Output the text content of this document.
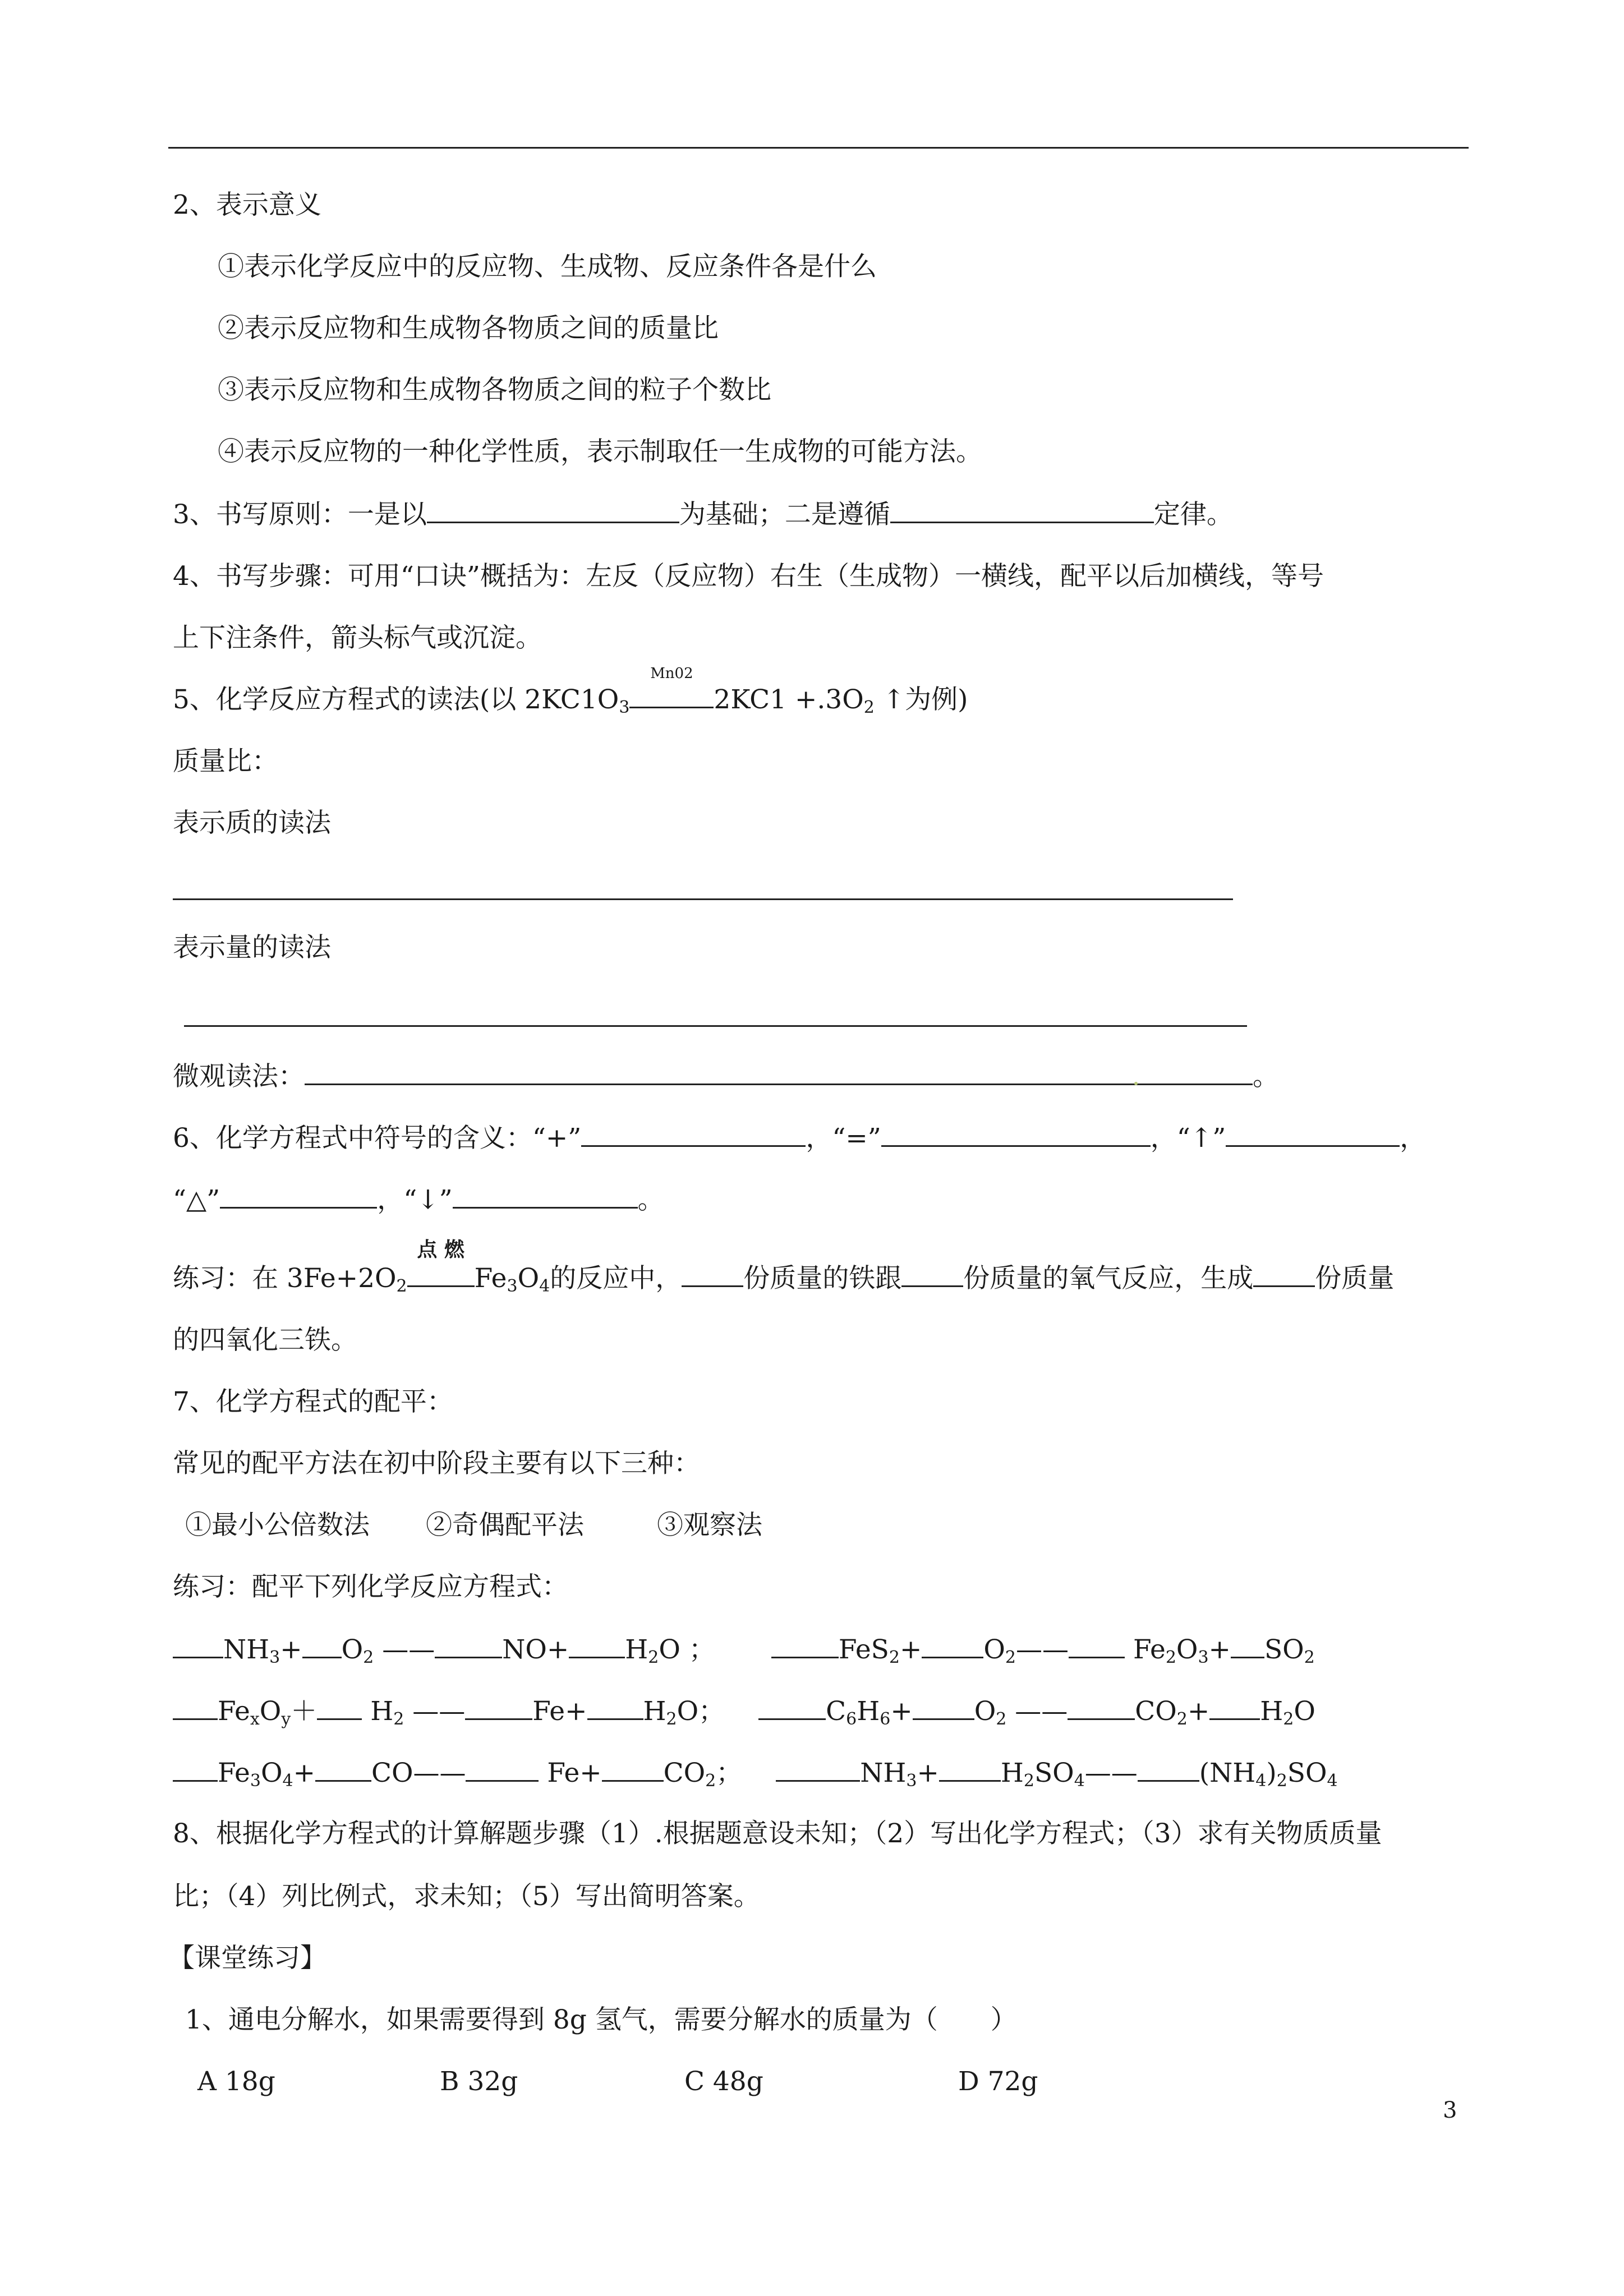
2、表示意义
①表示化学反应中的反应物、生成物、反应条件各是什么
②表示反应物和生成物各物质之间的质量比
③表示反应物和生成物各物质之间的粒子个数比
④表示反应物的一种化学性质，表示制取任一生成物的可能方法。
3、书写原则：一是以	为基础；二是遵循	定律。
4、书写步骤：可用“口诀”概括为：左反（反应物）右生（生成物）一横线，配平以后加横线，等号
上下注条件，箭头标气或沉淀。
5、化学反应方程式的读法(以 $2KC1O_3$
Mn02
$2KC1 +.3O_2$ ↑为例)
质量比：
表示质的读法
表示量的读法
微观读法：	。
6、化学方程式中符号的含义：“+”	，“=”	，“↑”	，
“△”	，“↓”	。
练习：在 $3Fe+2O_2$
点 燃
$Fe_3O_4$的反应中， 份质量的铁跟 份质量的氧气反应，生成 份质量
的四氧化三铁。
7、化学方程式的配平：
常见的配平方法在初中阶段主要有以下三种：
①最小公倍数法 ②奇偶配平法	③观察法
练习：配平下列化学反应方程式：
$NH_3+ O_2$ ——	$NO+ H_2O$ ；	$FeS_2+ O_2——$ $Fe_2O_3+ SO_2$
$Fe_xO_y+ H_2$ ——	$Fe+ H_2O$；	$C_6H_6+ O_2$ ——	$CO_2+ H_2O$
$Fe_3O_4+$ CO——	$Fe+ CO_2$；	$NH_3+$ $H_2SO_4——$ $(NH_4)_2SO_4$
8、根据化学方程式的计算解题步骤（1）.根据题意设未知；（2）写出化学方程式；（3）求有关物质质量
比；（4）列比例式，求未知；（5）写出简明答案。
【课堂练习】
1、通电分解水，如果需要得到 8g 氢气，需要分解水的质量为（　　）
A 18g	B 32g	C 48g	D 72g
3
